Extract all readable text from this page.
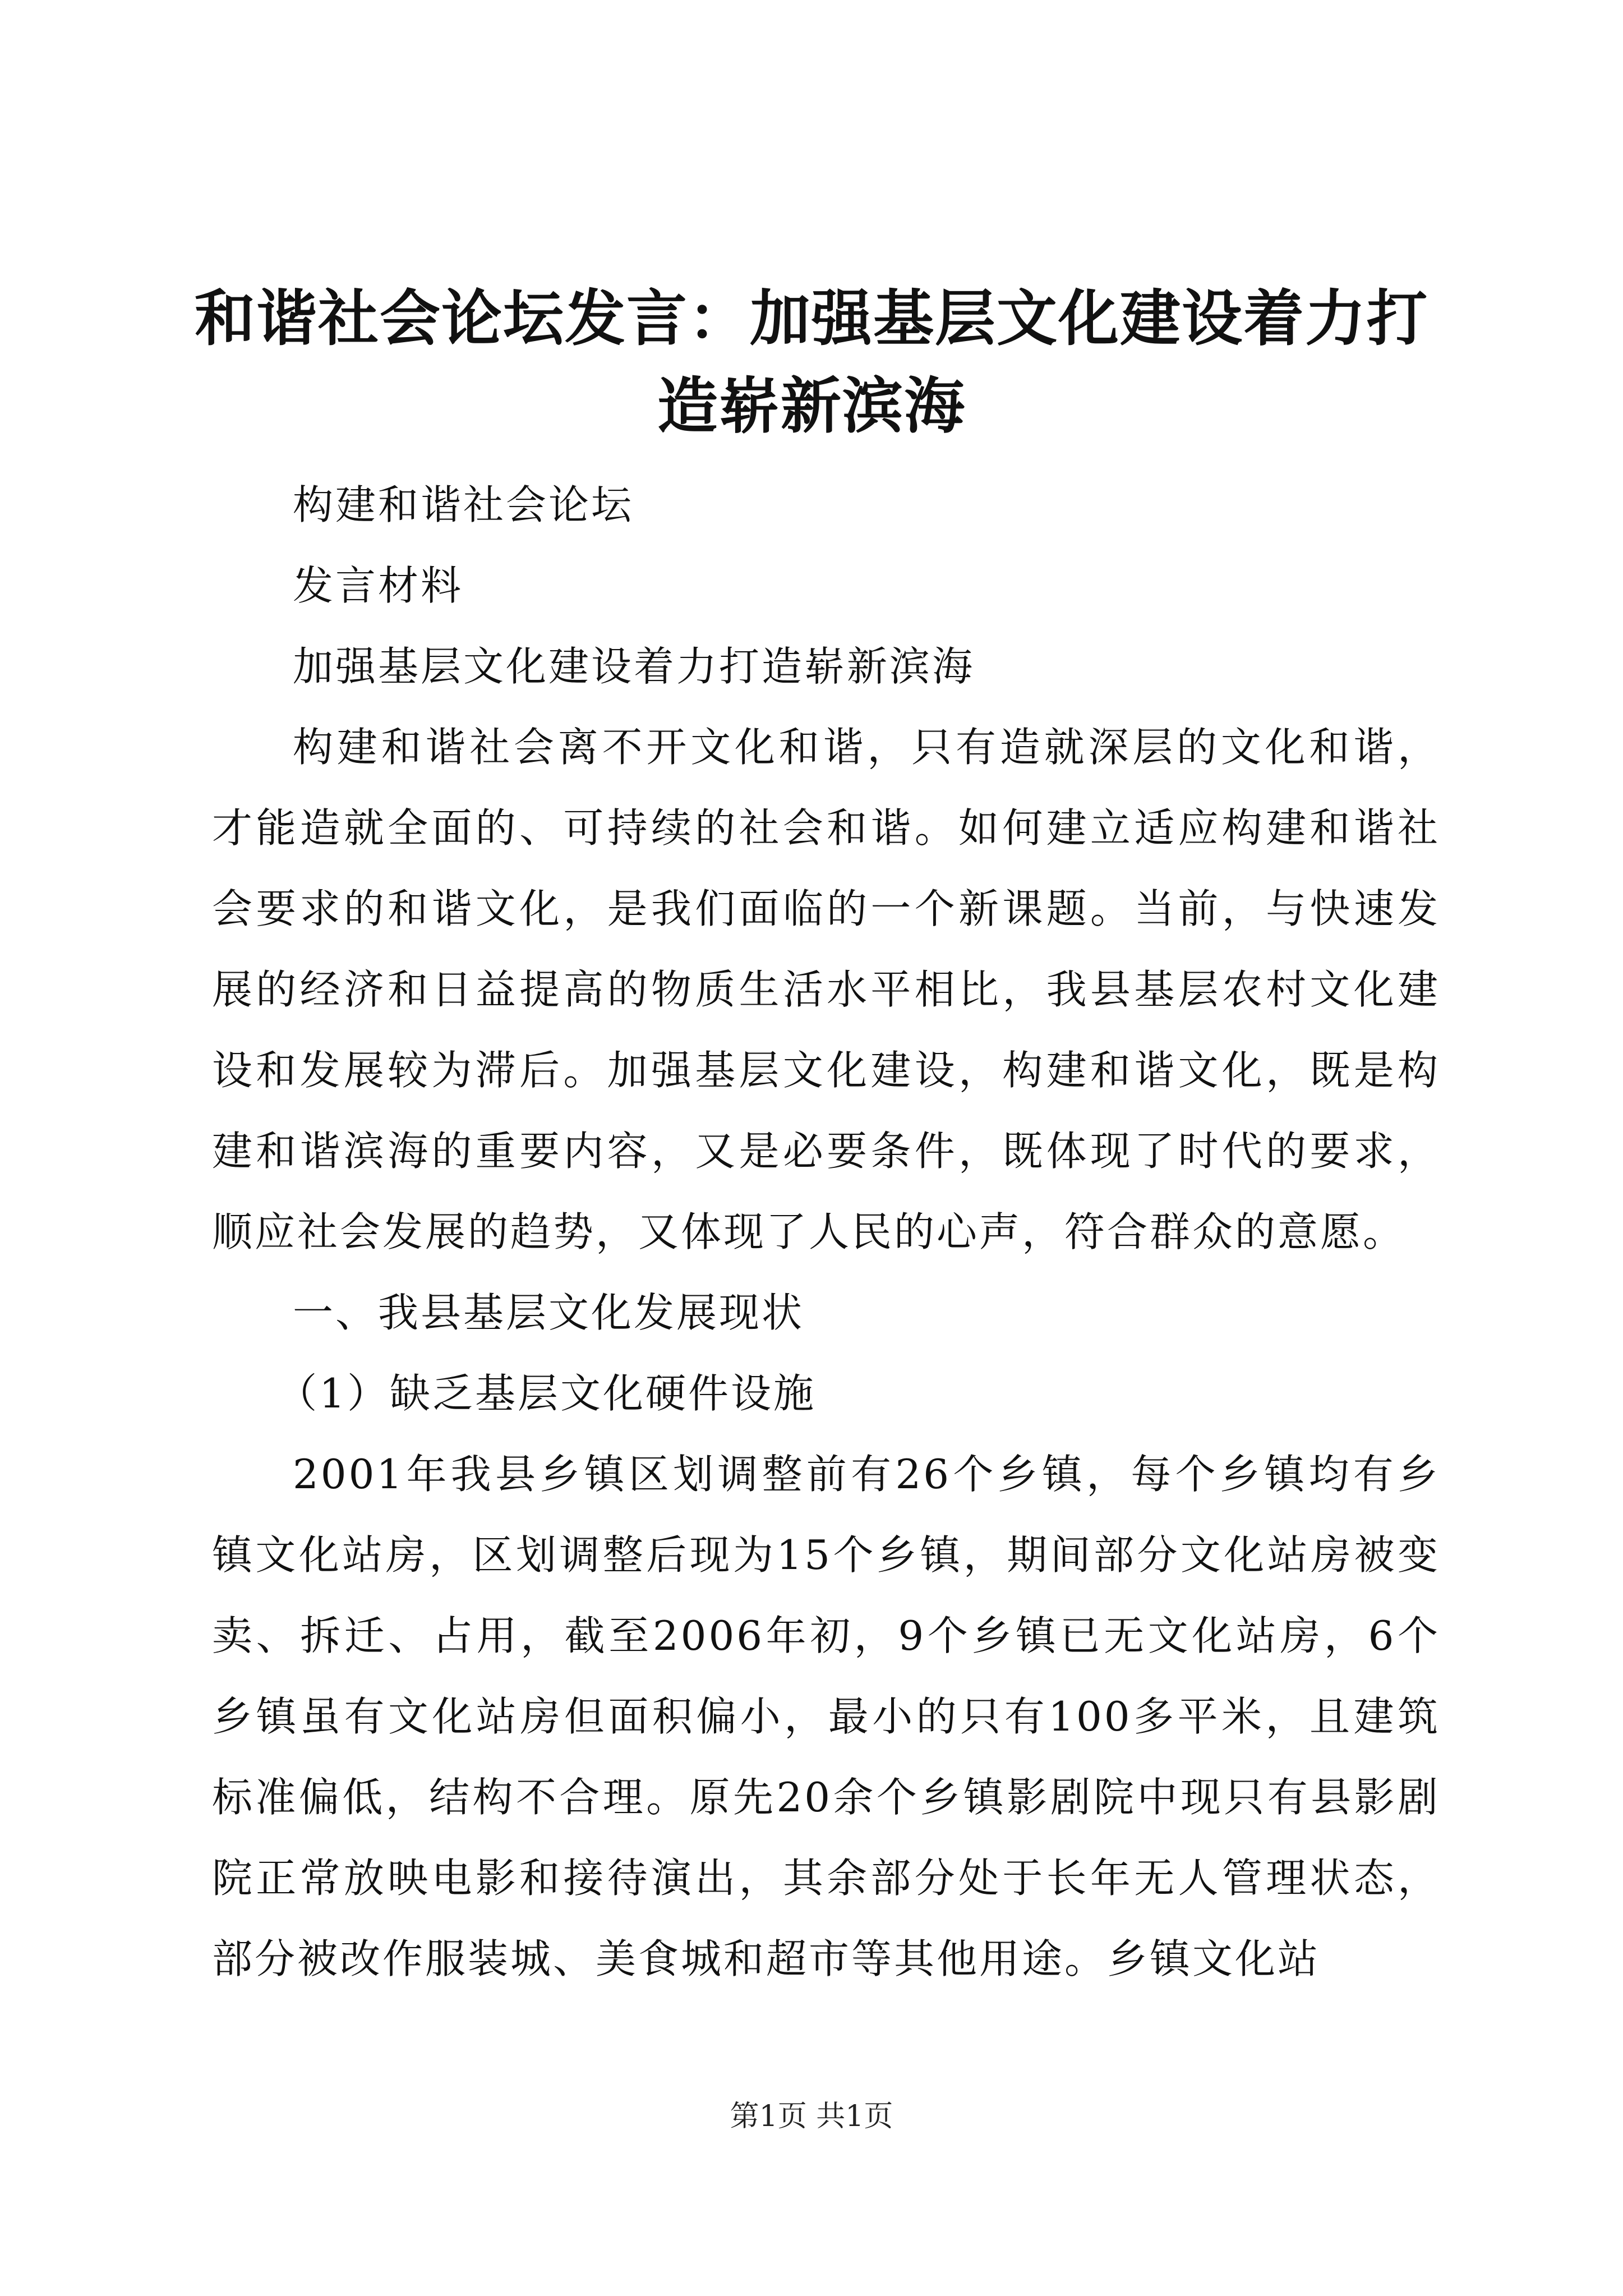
和谐社会论坛发言：加强基层文化建设着力打造崭新滨海

构建和谐社会论坛

发言材料

加强基层文化建设着力打造崭新滨海

构建和谐社会离不开文化和谐，只有造就深层的文化和谐，才能造就全面的、可持续的社会和谐。如何建立适应构建和谐社会要求的和谐文化，是我们面临的一个新课题。当前，与快速发展的经济和日益提高的物质生活水平相比，我县基层农村文化建设和发展较为滞后。加强基层文化建设，构建和谐文化，既是构建和谐滨海的重要内容，又是必要条件，既体现了时代的要求，顺应社会发展的趋势，又体现了人民的心声，符合群众的意愿。

一、我县基层文化发展现状

（1）缺乏基层文化硬件设施

2001年我县乡镇区划调整前有26个乡镇，每个乡镇均有乡镇文化站房，区划调整后现为15个乡镇，期间部分文化站房被变卖、拆迁、占用，截至2006年初，9个乡镇已无文化站房，6个乡镇虽有文化站房但面积偏小，最小的只有100多平米，且建筑标准偏低，结构不合理。原先20余个乡镇影剧院中现只有县影剧院正常放映电影和接待演出，其余部分处于长年无人管理状态，部分被改作服装城、美食城和超市等其他用途。乡镇文化站

第1页 共1页
